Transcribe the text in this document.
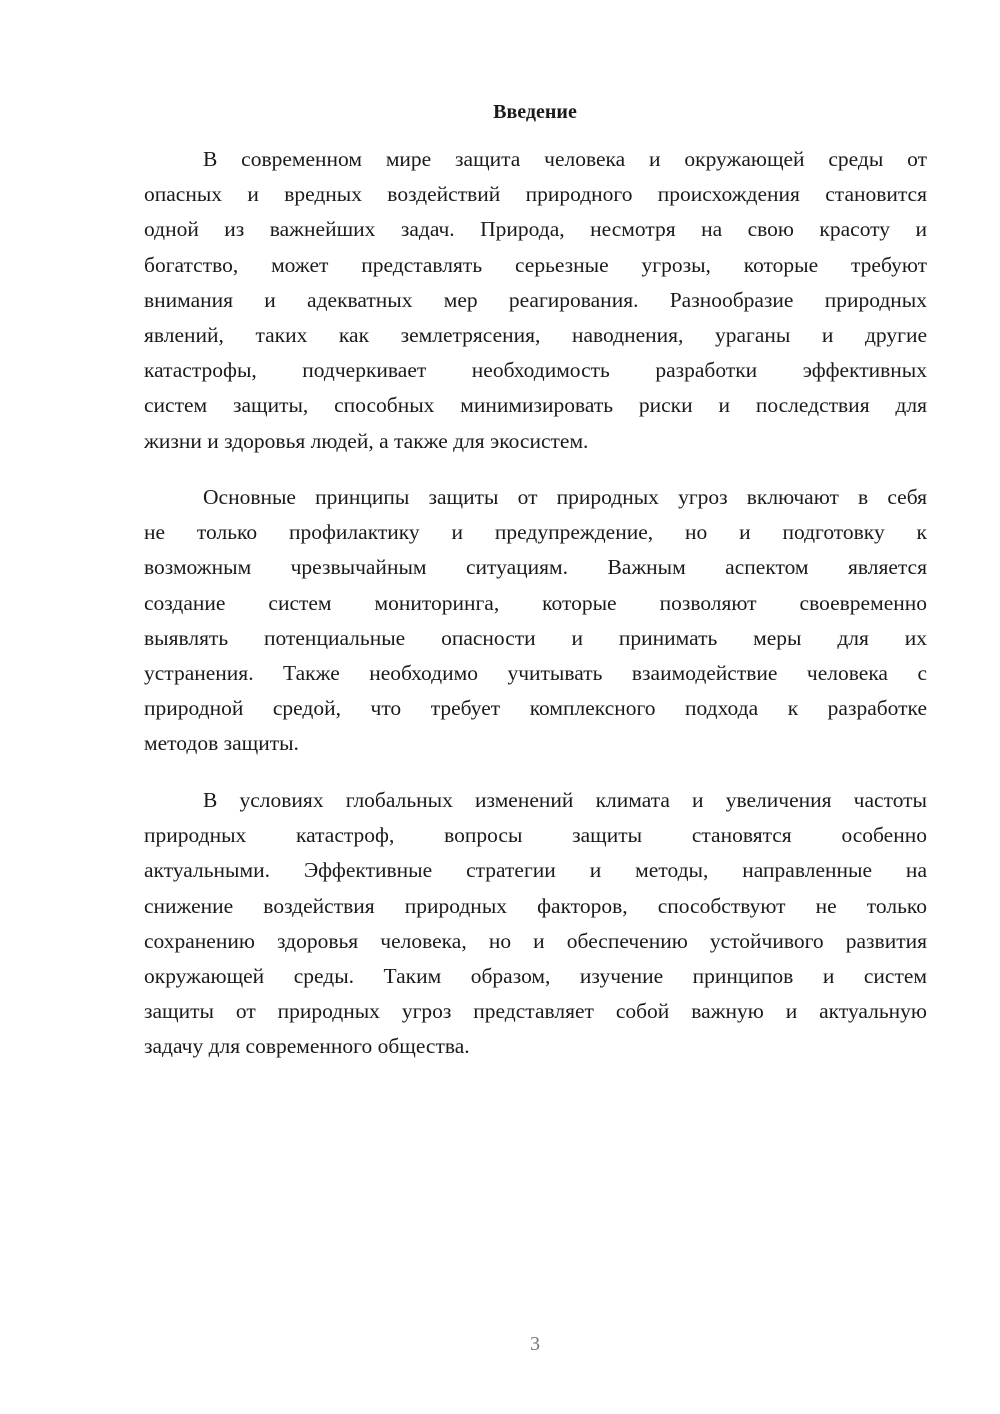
Введение
В современном мире защита человека и окружающей среды от
опасных и вредных воздействий природного происхождения становится
одной из важнейших задач. Природа, несмотря на свою красоту и
богатство, может представлять серьезные угрозы, которые требуют
внимания и адекватных мер реагирования. Разнообразие природных
явлений, таких как землетрясения, наводнения, ураганы и другие
катастрофы, подчеркивает необходимость разработки эффективных
систем защиты, способных минимизировать риски и последствия для
жизни и здоровья людей, а также для экосистем.
Основные принципы защиты от природных угроз включают в себя
не только профилактику и предупреждение, но и подготовку к
возможным чрезвычайным ситуациям. Важным аспектом является
создание систем мониторинга, которые позволяют своевременно
выявлять потенциальные опасности и принимать меры для их
устранения. Также необходимо учитывать взаимодействие человека с
природной средой, что требует комплексного подхода к разработке
методов защиты.
В условиях глобальных изменений климата и увеличения частоты
природных катастроф, вопросы защиты становятся особенно
актуальными. Эффективные стратегии и методы, направленные на
снижение воздействия природных факторов, способствуют не только
сохранению здоровья человека, но и обеспечению устойчивого развития
окружающей среды. Таким образом, изучение принципов и систем
защиты от природных угроз представляет собой важную и актуальную
задачу для современного общества.
3
